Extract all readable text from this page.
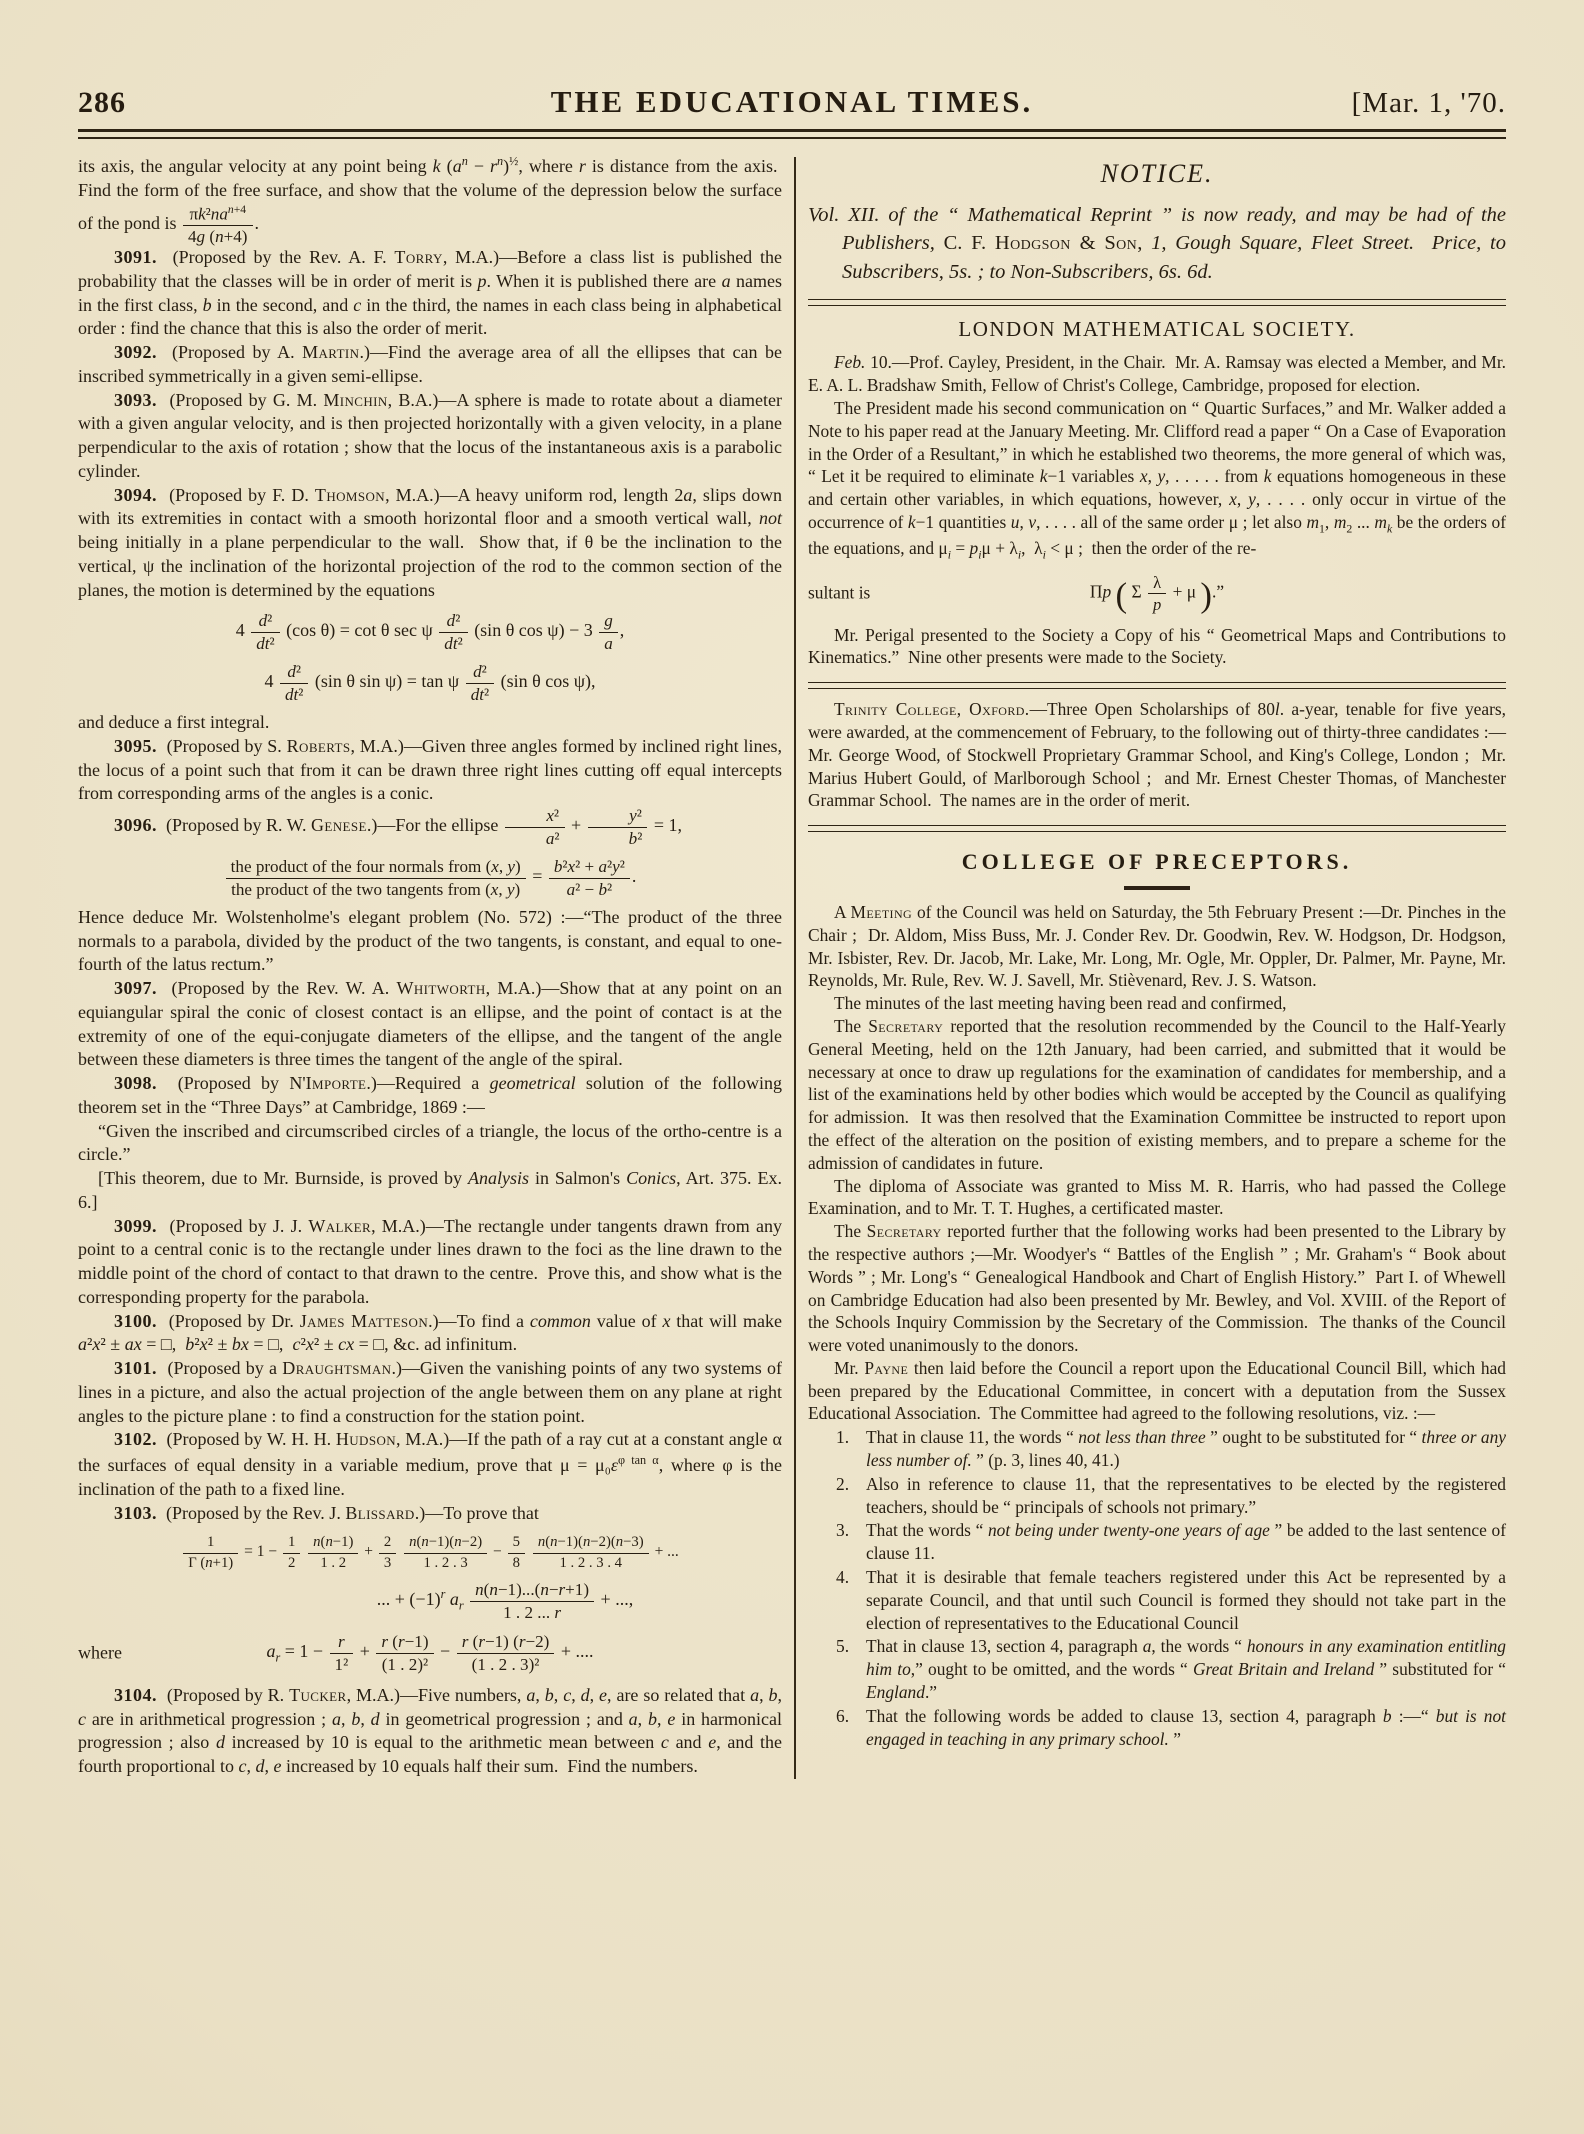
286	THE EDUCATIONAL TIMES.	[Mar. 1, '70.

its axis, the angular velocity at any point being k $(a^n - r^n)^{\frac{1}{2}}$, where r is distance from the axis.  Find the form of the free surface, and show that the volume of the depression below the surface of the pond is $\frac{\pi k^2na^{n+4}}{4g (n+4)}$ .

3091.  (Proposed by the Rev. A. F. Torry, M.A.)—Before a class list is published the probability that the classes will be in order of merit is p. When it is published there are a names in the first class, b in the second, and c in the third, the names in each class being in alphabetical order : find the chance that this is also the order of merit.

3092.  (Proposed by A. Martin.)—Find the average area of all the ellipses that can be inscribed symmetrically in a given semi-ellipse.

3093.  (Proposed by G. M. Minchin, B.A.)—A sphere is made to rotate about a diameter with a given angular velocity, and is then projected horizontally with a given velocity, in a plane perpendicular to the axis of rotation ; show that the locus of the instantaneous axis is a parabolic cylinder.

3094.  (Proposed by F. D. Thomson, M.A.)—A heavy uniform rod, length 2a, slips down with its extremities in contact with a smooth horizontal floor and a smooth vertical wall, not being initially in a plane perpendicular to the wall.  Show that, if θ be the inclination to the vertical, ψ the inclination of the horizontal projection of the rod to the common section of the planes, the motion is determined by the equations

$4 \frac{\text{d²}}{\text{dt²}} (\cos$ θ) = cot θ sec ψ $\frac{\text{d²}}{\text{dt²}} (\sin$ θ $\cos \psi) - 3 \frac{g}{a}$ ,
$4 \frac{\text{d²}}{\text{dt²}} (\sin$ θ sin ψ) = tan ψ $\frac{\text{d²}}{\text{dt²}} (\sin$ θ cos ψ),

and deduce a first integral.

3095.  (Proposed by S. Roberts, M.A.)—Given three angles formed by inclined right lines, the locus of a point such that from it can be drawn three right lines cutting off equal intercepts from corresponding arms of the angles is a conic.

3096.  (Proposed by R. W. Genese.)—For the ellipse $\frac{\text{x²}}{\text{a²}} + \frac{\text{y²}}{\text{b²}} = 1$,

$\frac{\text{the product of the four normals from (x, y)}}{\text{the product of the two tangents from (x, y)}} = \frac{\text{b²x² + a²y²}}{\text{a² − b²}}$ .

Hence deduce Mr. Wolstenholme's elegant problem (No. 572) :—“The product of the three normals to a parabola, divided by the product of the two tangents, is constant, and equal to one-fourth of the latus rectum.”

3097.  (Proposed by the Rev. W. A. Whitworth, M.A.)—Show that at any point on an equiangular spiral the conic of closest contact is an ellipse, and the point of contact is at the extremity of one of the equi-conjugate diameters of the ellipse, and the tangent of the angle between these diameters is three times the tangent of the angle of the spiral.

3098.  (Proposed by N'Importe.)—Required a geometrical solution of the following theorem set in the “Three Days” at Cambridge, 1869 :—

“Given the inscribed and circumscribed circles of a triangle, the locus of the ortho-centre is a circle.”

[This theorem, due to Mr. Burnside, is proved by Analysis in Salmon's Conics, Art. 375. Ex. 6.]

3099.  (Proposed by J. J. Walker, M.A.)—The rectangle under tangents drawn from any point to a central conic is to the rectangle under lines drawn to the foci as the line drawn to the middle point of the chord of contact to that drawn to the centre.  Prove this, and show what is the corresponding property for the parabola.

3100.  (Proposed by Dr. James Matteson.)—To find a common value of x that will make a²x² ± ax = □,  b²x² ± bx = □,  c²x² ± cx = □, &c. ad infinitum.

3101.  (Proposed by a Draughtsman.)—Given the vanishing points of any two systems of lines in a picture, and also the actual projection of the angle between them on any plane at right angles to the picture plane : to find a construction for the station point.

3102.  (Proposed by W. H. H. Hudson, M.A.)—If the path of a ray cut at a constant angle α the surfaces of equal density in a variable medium, prove that $\mu = \mu_0\varepsilon^{\varphi tan \alpha}$, where φ is the inclination of the path to a fixed line.

3103.  (Proposed by the Rev. J. Blissard.)—To prove that

$\frac{1}{\Gamma (n+1)} = 1 - \frac{1}{2}$
$\frac{n(n-1)}{1 . 2} + \frac{2}{3}$
$\frac{n(n-1)(n-2)}{1 . 2 . 3} - \frac{5}{8}$
$\frac{n(n-1)(n-2)(n-3)}{1 . 2 . 3 . 4}$ + ...
... + $(-1)^r$ $a_r \frac{n(n-1)...(n-r+1)}{1 . 2 ... r}$ + ...,
where	$a_r = 1 - \frac{r}{\text{1²}} + \frac{r (r-1)}{\text{(1 . 2)²}} - \frac{r (r-1) (r-2)}{\text{(1 . 2 . 3)²}}$ + ....

3104.  (Proposed by R. Tucker, M.A.)—Five numbers, a, b, c, d, e, are so related that a, b, c are in arithmetical progression ; a, b, d in geometrical progression ; and a, b, e in harmonical progression ; also d increased by 10 is equal to the arithmetic mean between c and e, and the fourth proportional to c, d, e increased by 10 equals half their sum.  Find the numbers.

NOTICE.

Vol. XII. of the “ Mathematical Reprint ” is now ready, and may be had of the Publishers, C. F. Hodgson & Son, 1, Gough Square, Fleet Street.  Price, to Subscribers, 5s. ; to Non-Subscribers, 6s. 6d.

LONDON MATHEMATICAL SOCIETY.

Feb. 10.—Prof. Cayley, President, in the Chair.  Mr. A. Ramsay was elected a Member, and Mr. E. A. L. Bradshaw Smith, Fellow of Christ's College, Cambridge, proposed for election.

The President made his second communication on “ Quartic Surfaces,” and Mr. Walker added a Note to his paper read at the January Meeting. Mr. Clifford read a paper “ On a Case of Evaporation in the Order of a Resultant,” in which he established two theorems, the more general of which was, “ Let it be required to eliminate k−1 variables x, y, . . . . . from k equations homogeneous in these and certain other variables, in which equations, however, x, y, . . . . only occur in virtue of the occurrence of k−1 quantities u, v, . . . . all of the same order μ ; let also $m_1$, $m_2$ ... $m_k$ be the orders of the equations, and $\mu_i = p_i\mu + \lambda_i$,  $\lambda_i < \mu$ ;  then the order of the re-

sultant is	Πp ( Σ $\frac{\lambda}{p} + \mu$ ).”

Mr. Perigal presented to the Society a Copy of his “ Geometrical Maps and Contributions to Kinematics.”  Nine other presents were made to the Society.

Trinity College, Oxford.—Three Open Scholarships of 80l. a-year, tenable for five years, were awarded, at the commencement of February, to the following out of thirty-three candidates :—Mr. George Wood, of Stockwell Proprietary Grammar School, and King's College, London ;  Mr. Marius Hubert Gould, of Marlborough School ;  and Mr. Ernest Chester Thomas, of Manchester Grammar School.  The names are in the order of merit.

COLLEGE OF PRECEPTORS.

A Meeting of the Council was held on Saturday, the 5th February Present :—Dr. Pinches in the Chair ;  Dr. Aldom, Miss Buss, Mr. J. Conder Rev. Dr. Goodwin, Rev. W. Hodgson, Dr. Hodgson, Mr. Isbister, Rev. Dr. Jacob, Mr. Lake, Mr. Long, Mr. Ogle, Mr. Oppler, Dr. Palmer, Mr. Payne, Mr. Reynolds, Mr. Rule, Rev. W. J. Savell, Mr. Stièvenard, Rev. J. S. Watson.

The minutes of the last meeting having been read and confirmed,

The Secretary reported that the resolution recommended by the Council to the Half-Yearly General Meeting, held on the 12th January, had been carried, and submitted that it would be necessary at once to draw up regulations for the examination of candidates for membership, and a list of the examinations held by other bodies which would be accepted by the Council as qualifying for admission.  It was then resolved that the Examination Committee be instructed to report upon the effect of the alteration on the position of existing members, and to prepare a scheme for the admission of candidates in future.

The diploma of Associate was granted to Miss M. R. Harris, who had passed the College Examination, and to Mr. T. T. Hughes, a certificated master.

The Secretary reported further that the following works had been presented to the Library by the respective authors ;—Mr. Woodyer's “ Battles of the English ” ; Mr. Graham's “ Book about Words ” ; Mr. Long's “ Genealogical Handbook and Chart of English History.”  Part I. of Whewell on Cambridge Education had also been presented by Mr. Bewley, and Vol. XVIII. of the Report of the Schools Inquiry Commission by the Secretary of the Commission.  The thanks of the Council were voted unanimously to the donors.

Mr. Payne then laid before the Council a report upon the Educational Council Bill, which had been prepared by the Educational Committee, in concert with a deputation from the Sussex Educational Association.  The Committee had agreed to the following resolutions, viz. :—

1. That in clause 11, the words “ not less than three ” ought to be substituted for “ three or any less number of. ” (p. 3, lines 40, 41.)
2. Also in reference to clause 11, that the representatives to be elected by the registered teachers, should be “ principals of schools not primary.”
3. That the words “ not being under twenty-one years of age ” be added to the last sentence of clause 11.
4. That it is desirable that female teachers registered under this Act be represented by a separate Council, and that until such Council is formed they should not take part in the election of representatives to the Educational Council
5. That in clause 13, section 4, paragraph a, the words “ honours in any examination entitling him to,” ought to be omitted, and the words “ Great Britain and Ireland ” substituted for “ England.”
6. That the following words be added to clause 13, section 4, paragraph b :—“ but is not engaged in teaching in any primary school. ”
